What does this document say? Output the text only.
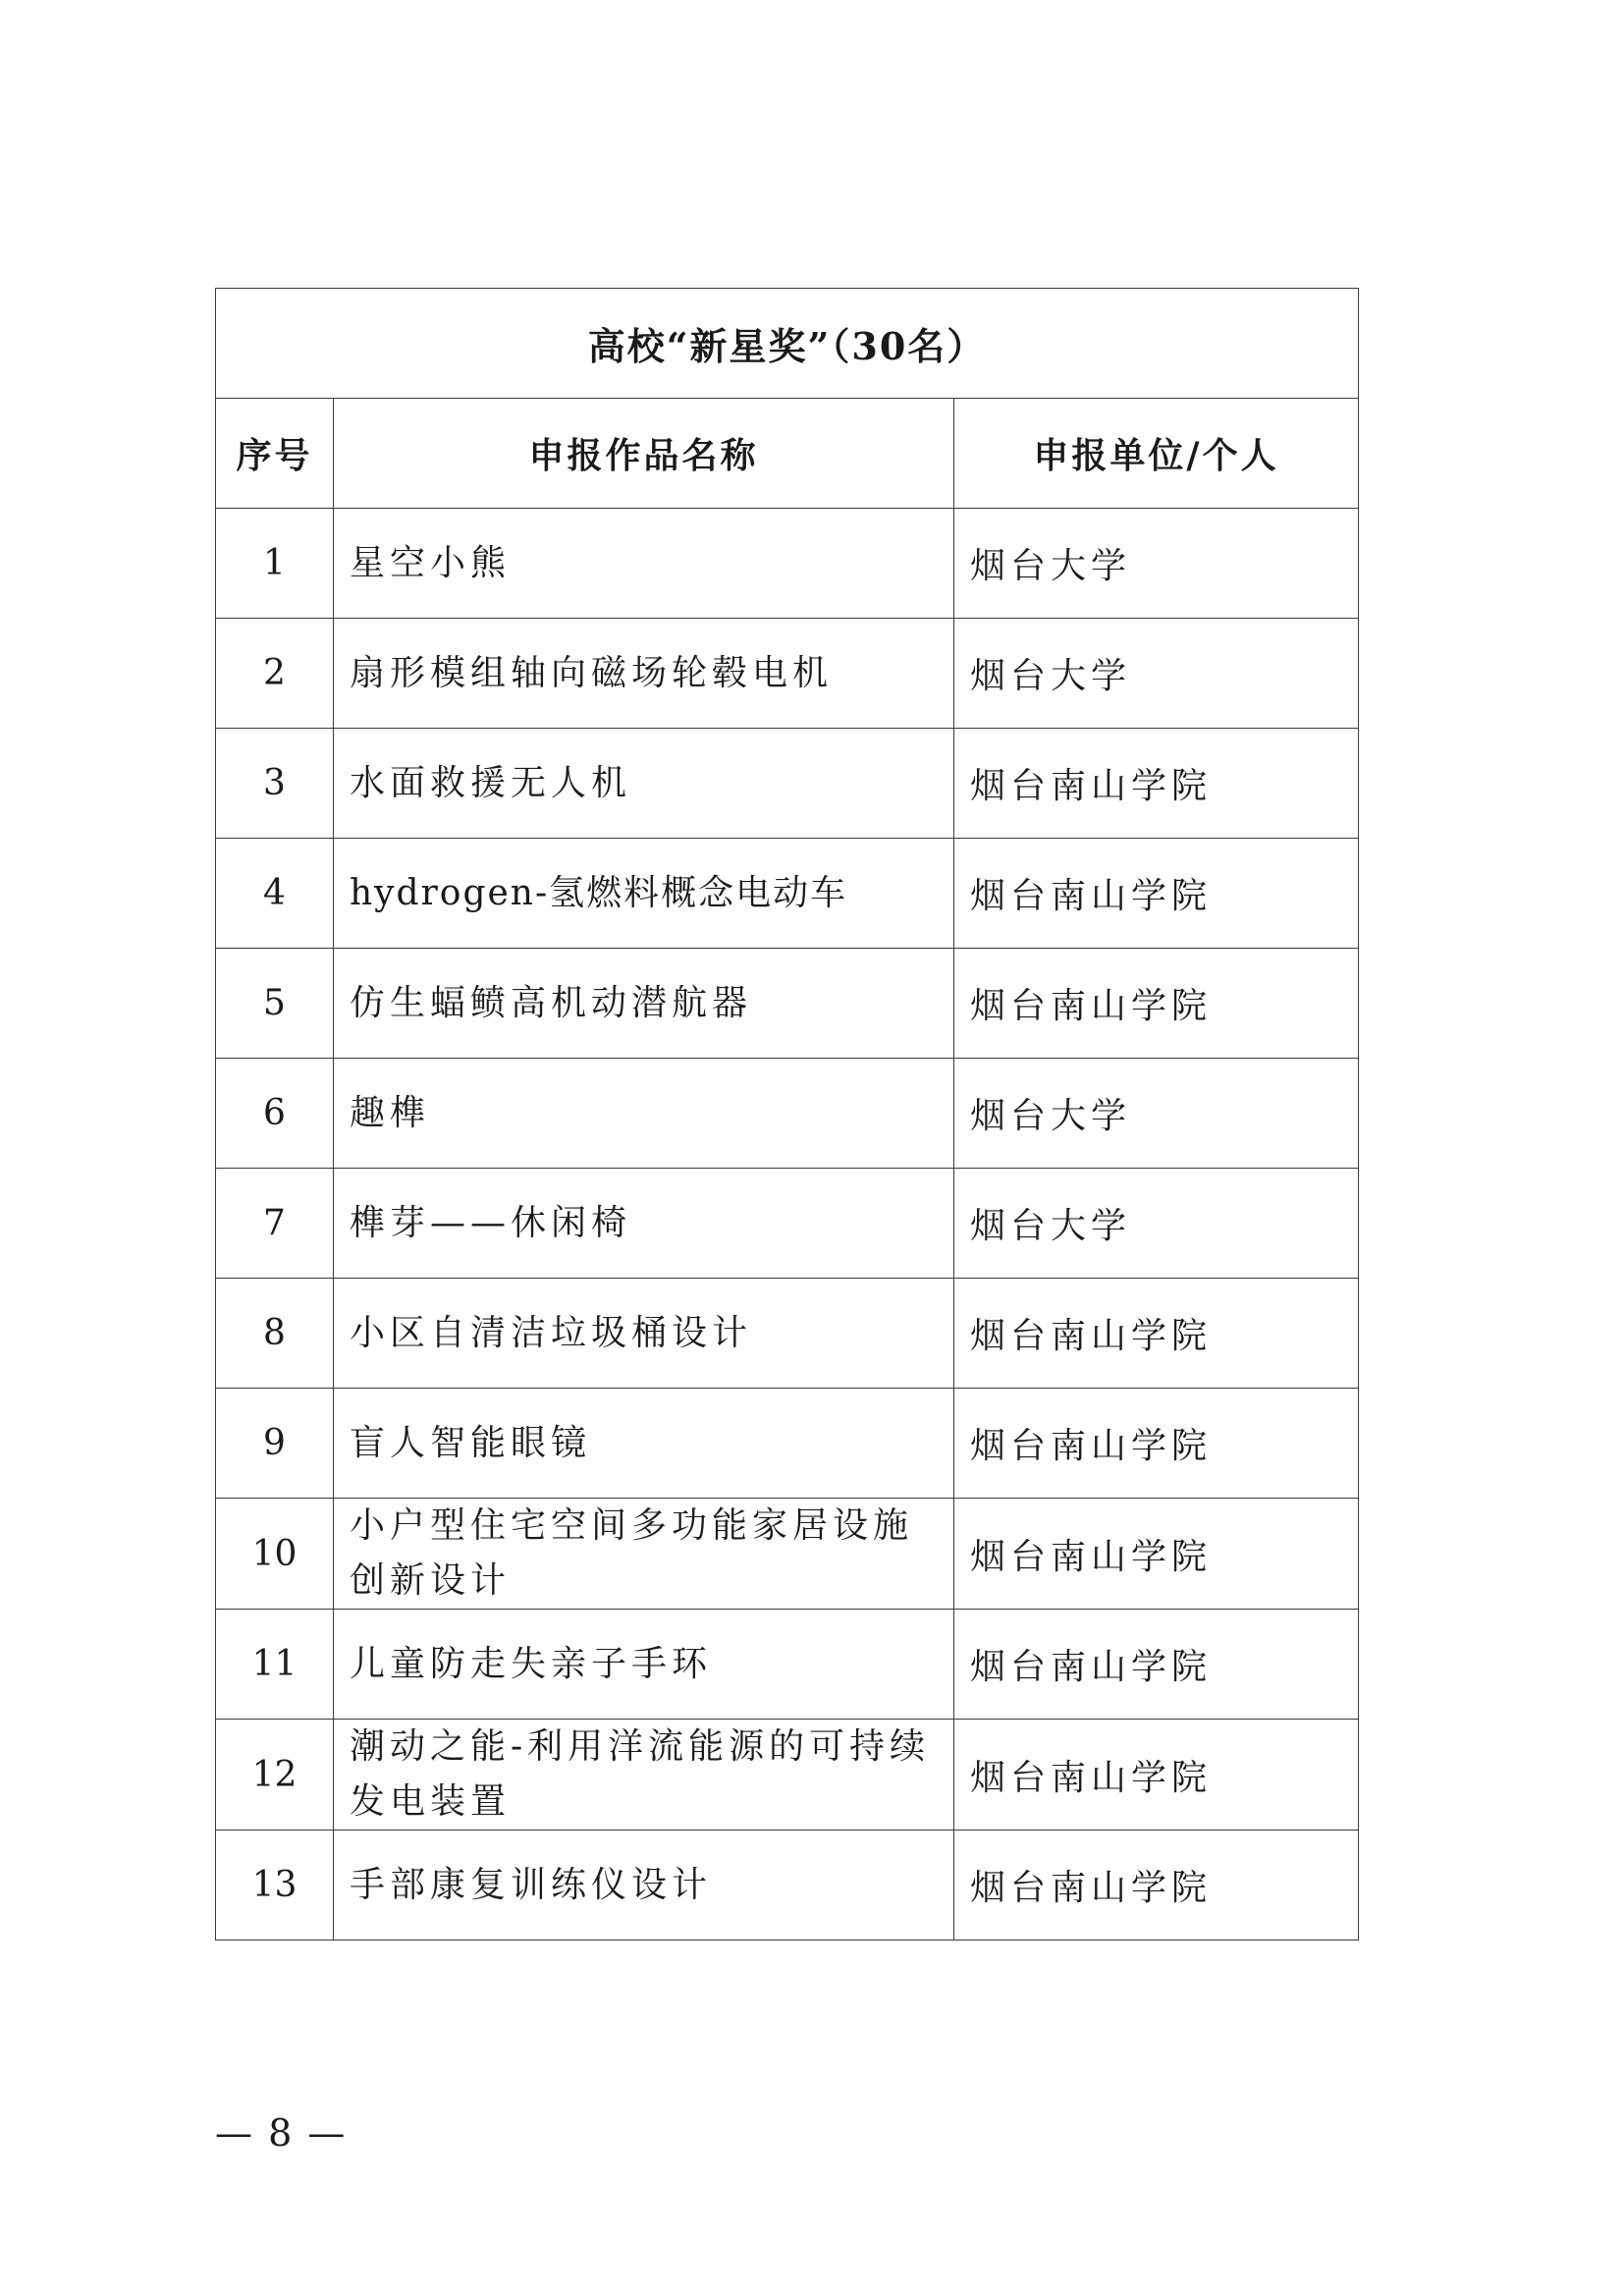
高校“新星奖”（30名）		
序号	申报作品名称	申报单位/个人
1	星空小熊	烟台大学
2	扇形模组轴向磁场轮毂电机	烟台大学
3	水面救援无人机	烟台南山学院
4	hydrogen-氢燃料概念电动车	烟台南山学院
5	仿生蝠鲼高机动潜航器	烟台南山学院
6	趣榫	烟台大学
7	榫芽——休闲椅	烟台大学
8	小区自清洁垃圾桶设计	烟台南山学院
9	盲人智能眼镜	烟台南山学院
10	小户型住宅空间多功能家居设施创新设计	烟台南山学院
11	儿童防走失亲子手环	烟台南山学院
12	潮动之能-利用洋流能源的可持续发电装置	烟台南山学院
13	手部康复训练仪设计	烟台南山学院
— 8 —
